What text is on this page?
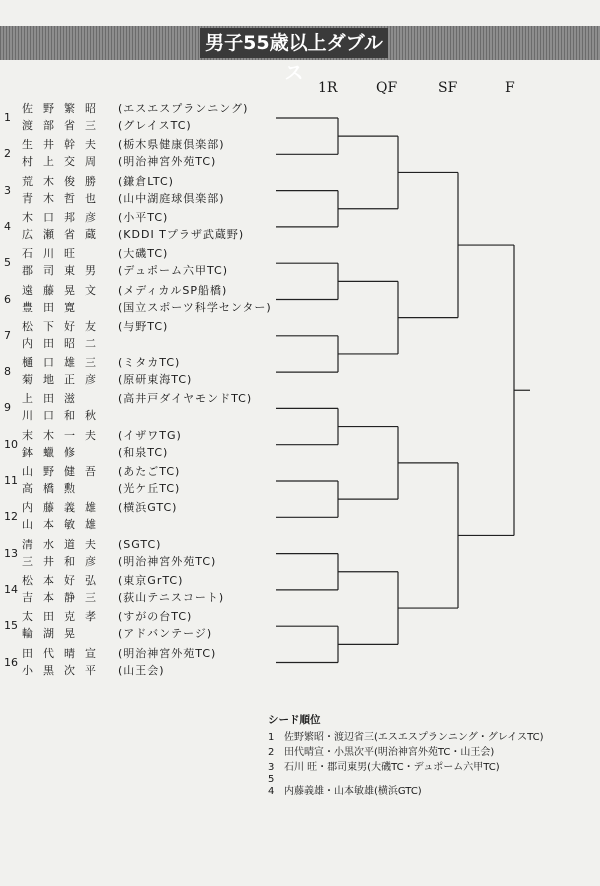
男子55歳以上ダブルス
1R	QF	SF	F
1
佐野繁昭	(エスエスプランニング)
渡部省三	(グレイスTC)
2
生井幹夫	(栃木県健康倶楽部)
村上交周	(明治神宮外苑TC)
3
荒木俊勝	(鎌倉LTC)
青木哲也	(山中湖庭球倶楽部)
4
木口邦彦	(小平TC)
広瀬省蔵	(KDDI Tプラザ武蔵野)
5
石川旺	(大磯TC)
郡司東男	(デュポーム六甲TC)
6
遠藤晃文	(メディカルSP船橋)
豊田寛	(国立スポーツ科学センター)
7
松下好友	(与野TC)
内田昭二
8
樋口雄三	(ミタカTC)
菊地正彦	(原研東海TC)
9
上田滋	(高井戸ダイヤモンドTC)
川口和秋
10
末木一夫	(イザワTG)
鉢蠟修	(和泉TC)
11
山野健吾	(あたごTC)
高橋勲	(光ケ丘TC)
12
内藤義雄	(横浜GTC)
山本敏雄
13
清水道夫	(SGTC)
三井和彦	(明治神宮外苑TC)
14
松本好弘	(東京GrTC)
吉本静三	(荻山テニスコート)
15
太田克孝	(すがの台TC)
輪湖晃	(アドバンテージ)
16
田代晴宣	(明治神宮外苑TC)
小黒次平	(山王会)
シード順位
1 佐野繁昭・渡辺省三(エスエスプランニング・グレイスTC)
2 田代晴宣・小黒次平(明治神宮外苑TC・山王会)
3 石川 旺・郡司東男(大磯TC・デュポーム六甲TC)
5
4 内藤義雄・山本敏雄(横浜GTC)
